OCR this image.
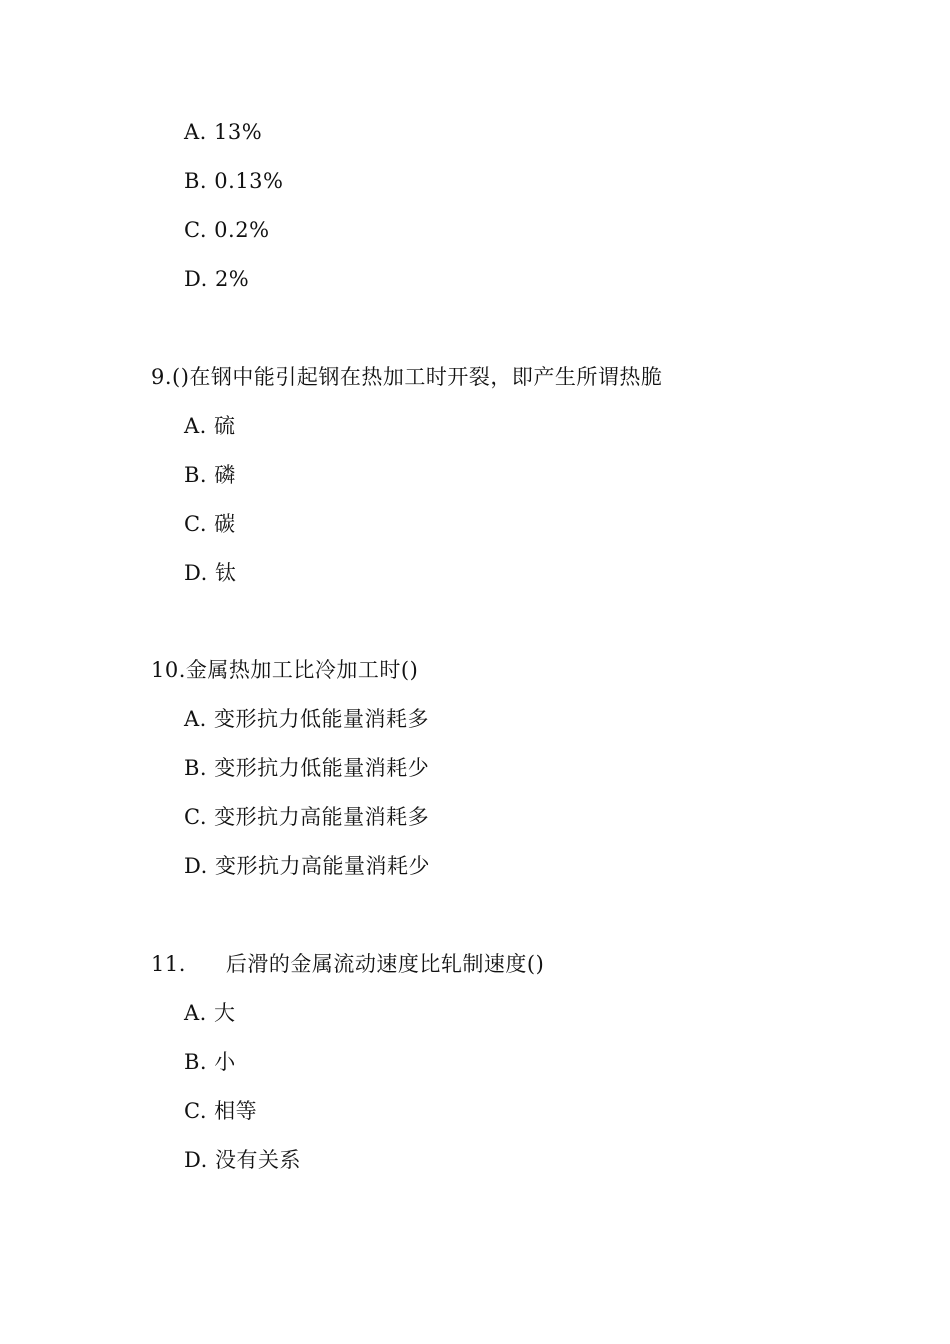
A. 13%
B. 0.13%
C. 0.2%
D. 2%
9.()在钢中能引起钢在热加工时开裂，即产生所谓热脆
A. 硫
B. 磷
C. 碳
D. 钛
10.金属热加工比冷加工时()
A. 变形抗力低能量消耗多
B. 变形抗力低能量消耗少
C. 变形抗力高能量消耗多
D. 变形抗力高能量消耗少
11. 后滑的金属流动速度比轧制速度()
A. 大
B. 小
C. 相等
D. 没有关系
